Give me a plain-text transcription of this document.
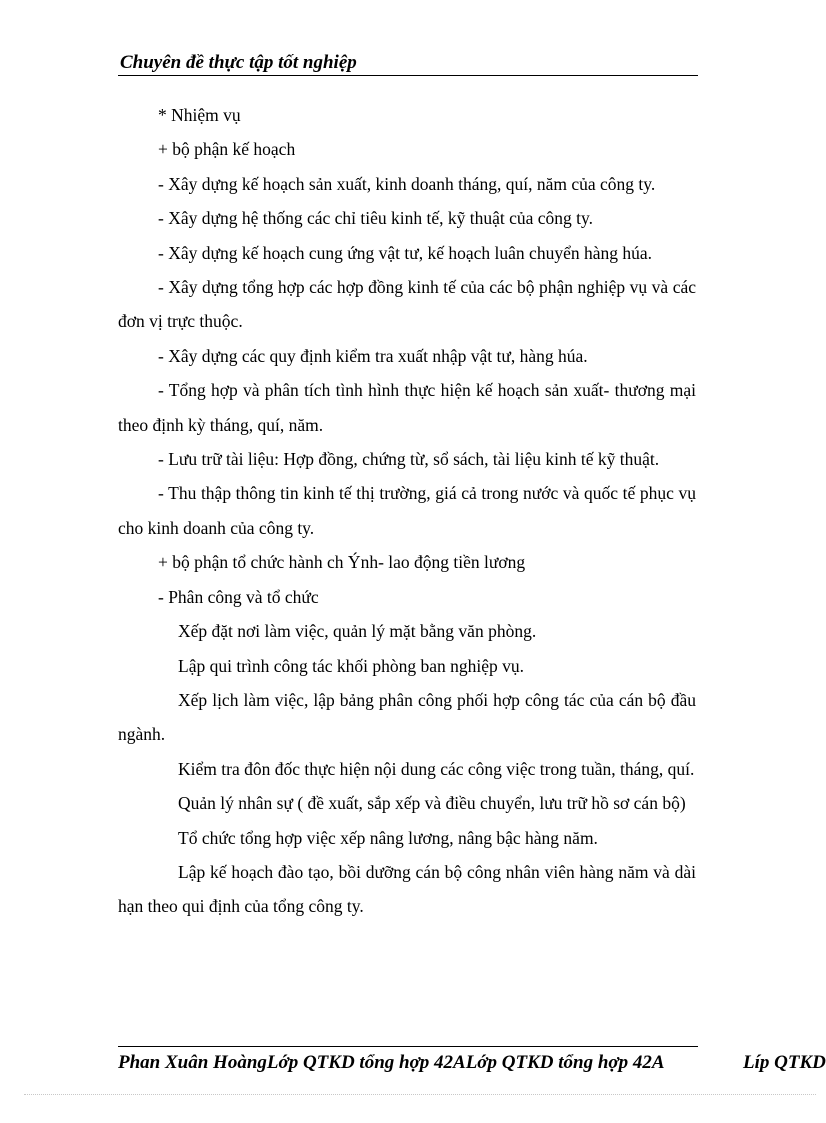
Chuyên đề thực tập tốt nghiệp

* Nhiệm vụ

+ bộ phận kế hoạch

- Xây dựng kế hoạch sản xuất, kinh doanh tháng, quí, năm của công ty.

- Xây dựng hệ thống các chỉ tiêu kinh tế, kỹ thuật của công ty.

- Xây dựng kế hoạch cung ứng vật tư, kế hoạch luân chuyển hàng húa.

- Xây dựng tổng hợp các hợp đồng kinh tế của các bộ phận nghiệp vụ và các đơn vị trực thuộc.

- Xây dựng các quy định kiểm tra xuất nhập vật tư, hàng húa.

- Tổng hợp và phân tích tình hình thực hiện kế hoạch sản xuất- thương mại theo định kỳ tháng, quí, năm.

- Lưu trữ tài liệu: Hợp đồng, chứng từ, sổ sách, tài liệu kinh tế kỹ thuật.

- Thu thập thông tin kinh tế thị trường, giá cả trong nước và quốc tế phục vụ cho kinh doanh của công ty.

+ bộ phận tổ chức hành ch Ýnh- lao động tiền lương

- Phân công và tổ chức

Xếp đặt nơi làm việc, quản lý mặt bằng văn phòng.

Lập qui trình công tác khối phòng ban nghiệp vụ.

Xếp lịch làm việc, lập bảng phân công phối hợp công tác của cán bộ đầu ngành.

Kiểm tra đôn đốc thực hiện nội dung các công việc trong tuần, tháng, quí.

Quản lý nhân sự ( đề xuất, sắp xếp và điều chuyển, lưu trữ hồ sơ cán bộ)

Tổ chức tổng hợp việc xếp nâng lương, nâng bậc hàng năm.

Lập kế hoạch đào tạo, bồi dưỡng cán bộ công nhân viên hàng năm và dài hạn theo qui định của tổng công ty.

Phan Xuân HoàngLớp QTKD tổng hợp 42ALớp QTKD tổng hợp 42A	Líp QTKD
